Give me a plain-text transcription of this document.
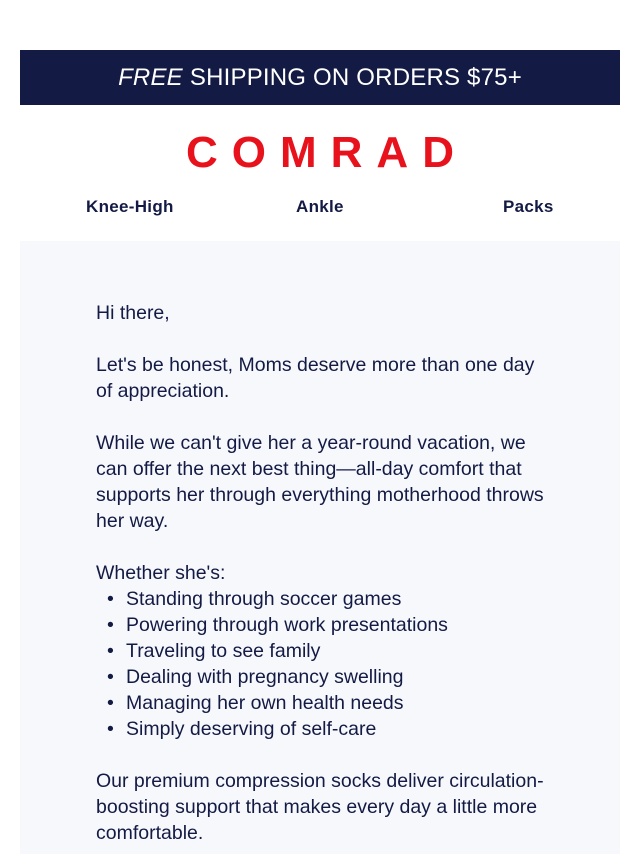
FREE SHIPPING ON ORDERS $75+
COMRAD
Knee-High	Ankle	Packs

Hi there,

Let's be honest, Moms deserve more than one day of appreciation.

While we can't give her a year-round vacation, we can offer the next best thing—all-day comfort that supports her through everything motherhood throws her way.

Whether she's:

• Standing through soccer games
• Powering through work presentations
• Traveling to see family
• Dealing with pregnancy swelling
• Managing her own health needs
• Simply deserving of self-care

Our premium compression socks deliver circulation-boosting support that makes every day a little more comfortable.
